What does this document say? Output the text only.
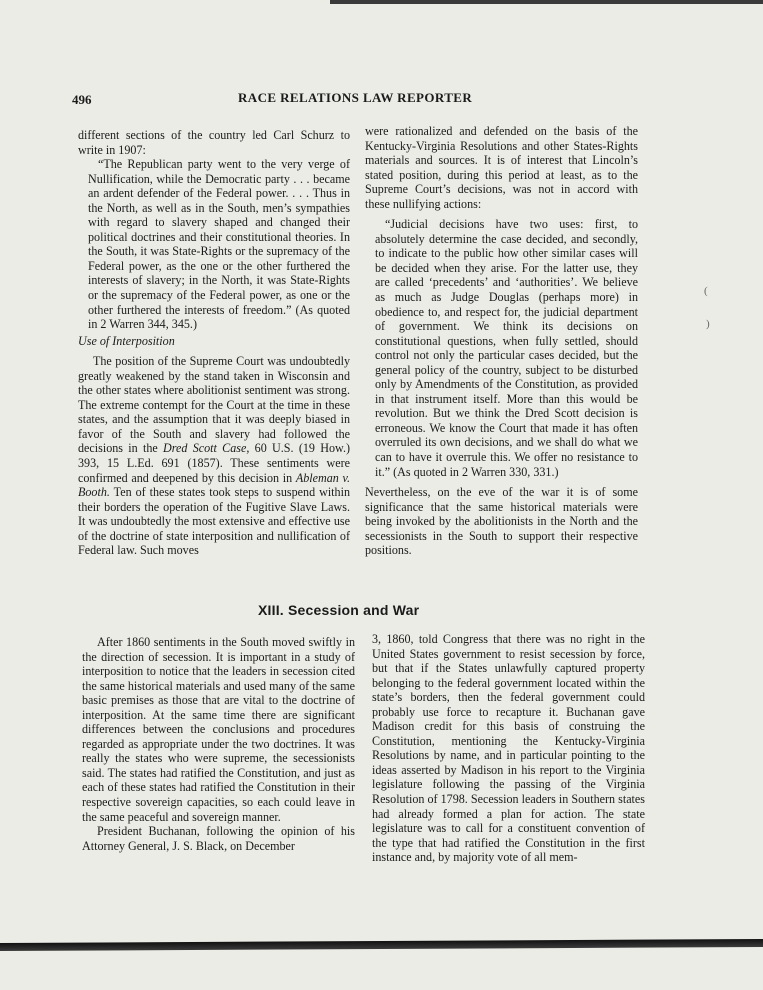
496	RACE RELATIONS LAW REPORTER

different sections of the country led Carl Schurz to write in 1907:

“The Republican party went to the very verge of Nullification, while the Democratic party . . . became an ardent defender of the Federal power. . . . Thus in the North, as well as in the South, men’s sympathies with regard to slavery shaped and changed their political doctrines and their constitutional theories. In the South, it was State-Rights or the supremacy of the Federal power, as the one or the other furthered the interests of slavery; in the North, it was State-Rights or the supremacy of the Federal power, as one or the other furthered the interests of freedom.” (As quoted in 2 Warren 344, 345.)

Use of Interposition

The position of the Supreme Court was undoubtedly greatly weakened by the stand taken in Wisconsin and the other states where abolitionist sentiment was strong. The extreme contempt for the Court at the time in these states, and the assumption that it was deeply biased in favor of the South and slavery had followed the decisions in the Dred Scott Case, 60 U.S. (19 How.) 393, 15 L.Ed. 691 (1857). These sentiments were confirmed and deepened by this decision in Ableman v. Booth. Ten of these states took steps to suspend within their borders the operation of the Fugitive Slave Laws. It was undoubtedly the most extensive and effective use of the doctrine of state interposition and nullification of Federal law. Such moves

were rationalized and defended on the basis of the Kentucky-Virginia Resolutions and other States-Rights materials and sources. It is of interest that Lincoln’s stated position, during this period at least, as to the Supreme Court’s decisions, was not in accord with these nullifying actions:

“Judicial decisions have two uses: first, to absolutely determine the case decided, and secondly, to indicate to the public how other similar cases will be decided when they arise. For the latter use, they are called ‘precedents’ and ‘authorities’. We believe as much as Judge Douglas (perhaps more) in obedience to, and respect for, the judicial department of government. We think its decisions on constitutional questions, when fully settled, should control not only the particular cases decided, but the general policy of the country, subject to be disturbed only by Amendments of the Constitution, as provided in that instrument itself. More than this would be revolution. But we think the Dred Scott decision is erroneous. We know the Court that made it has often overruled its own decisions, and we shall do what we can to have it overrule this. We offer no resistance to it.” (As quoted in 2 Warren 330, 331.)

Nevertheless, on the eve of the war it is of some significance that the same historical materials were being invoked by the abolitionists in the North and the secessionists in the South to support their respective positions.

XIII. Secession and War

After 1860 sentiments in the South moved swiftly in the direction of secession. It is important in a study of interposition to notice that the leaders in secession cited the same historical materials and used many of the same basic premises as those that are vital to the doctrine of interposition. At the same time there are significant differences between the conclusions and procedures regarded as appropriate under the two doctrines. It was really the states who were supreme, the secessionists said. The states had ratified the Constitution, and just as each of these states had ratified the Constitution in their respective sovereign capacities, so each could leave in the same peaceful and sovereign manner.

President Buchanan, following the opinion of his Attorney General, J. S. Black, on December

3, 1860, told Congress that there was no right in the United States government to resist secession by force, but that if the States unlawfully captured property belonging to the federal government located within the state’s borders, then the federal government could probably use force to recapture it. Buchanan gave Madison credit for this basis of construing the Constitution, mentioning the Kentucky-Virginia Resolutions by name, and in particular pointing to the ideas asserted by Madison in his report to the Virginia legislature following the passing of the Virginia Resolution of 1798. Secession leaders in Southern states had already formed a plan for action. The state legislature was to call for a constituent convention of the type that had ratified the Constitution in the first instance and, by majority vote of all mem-

(
)
